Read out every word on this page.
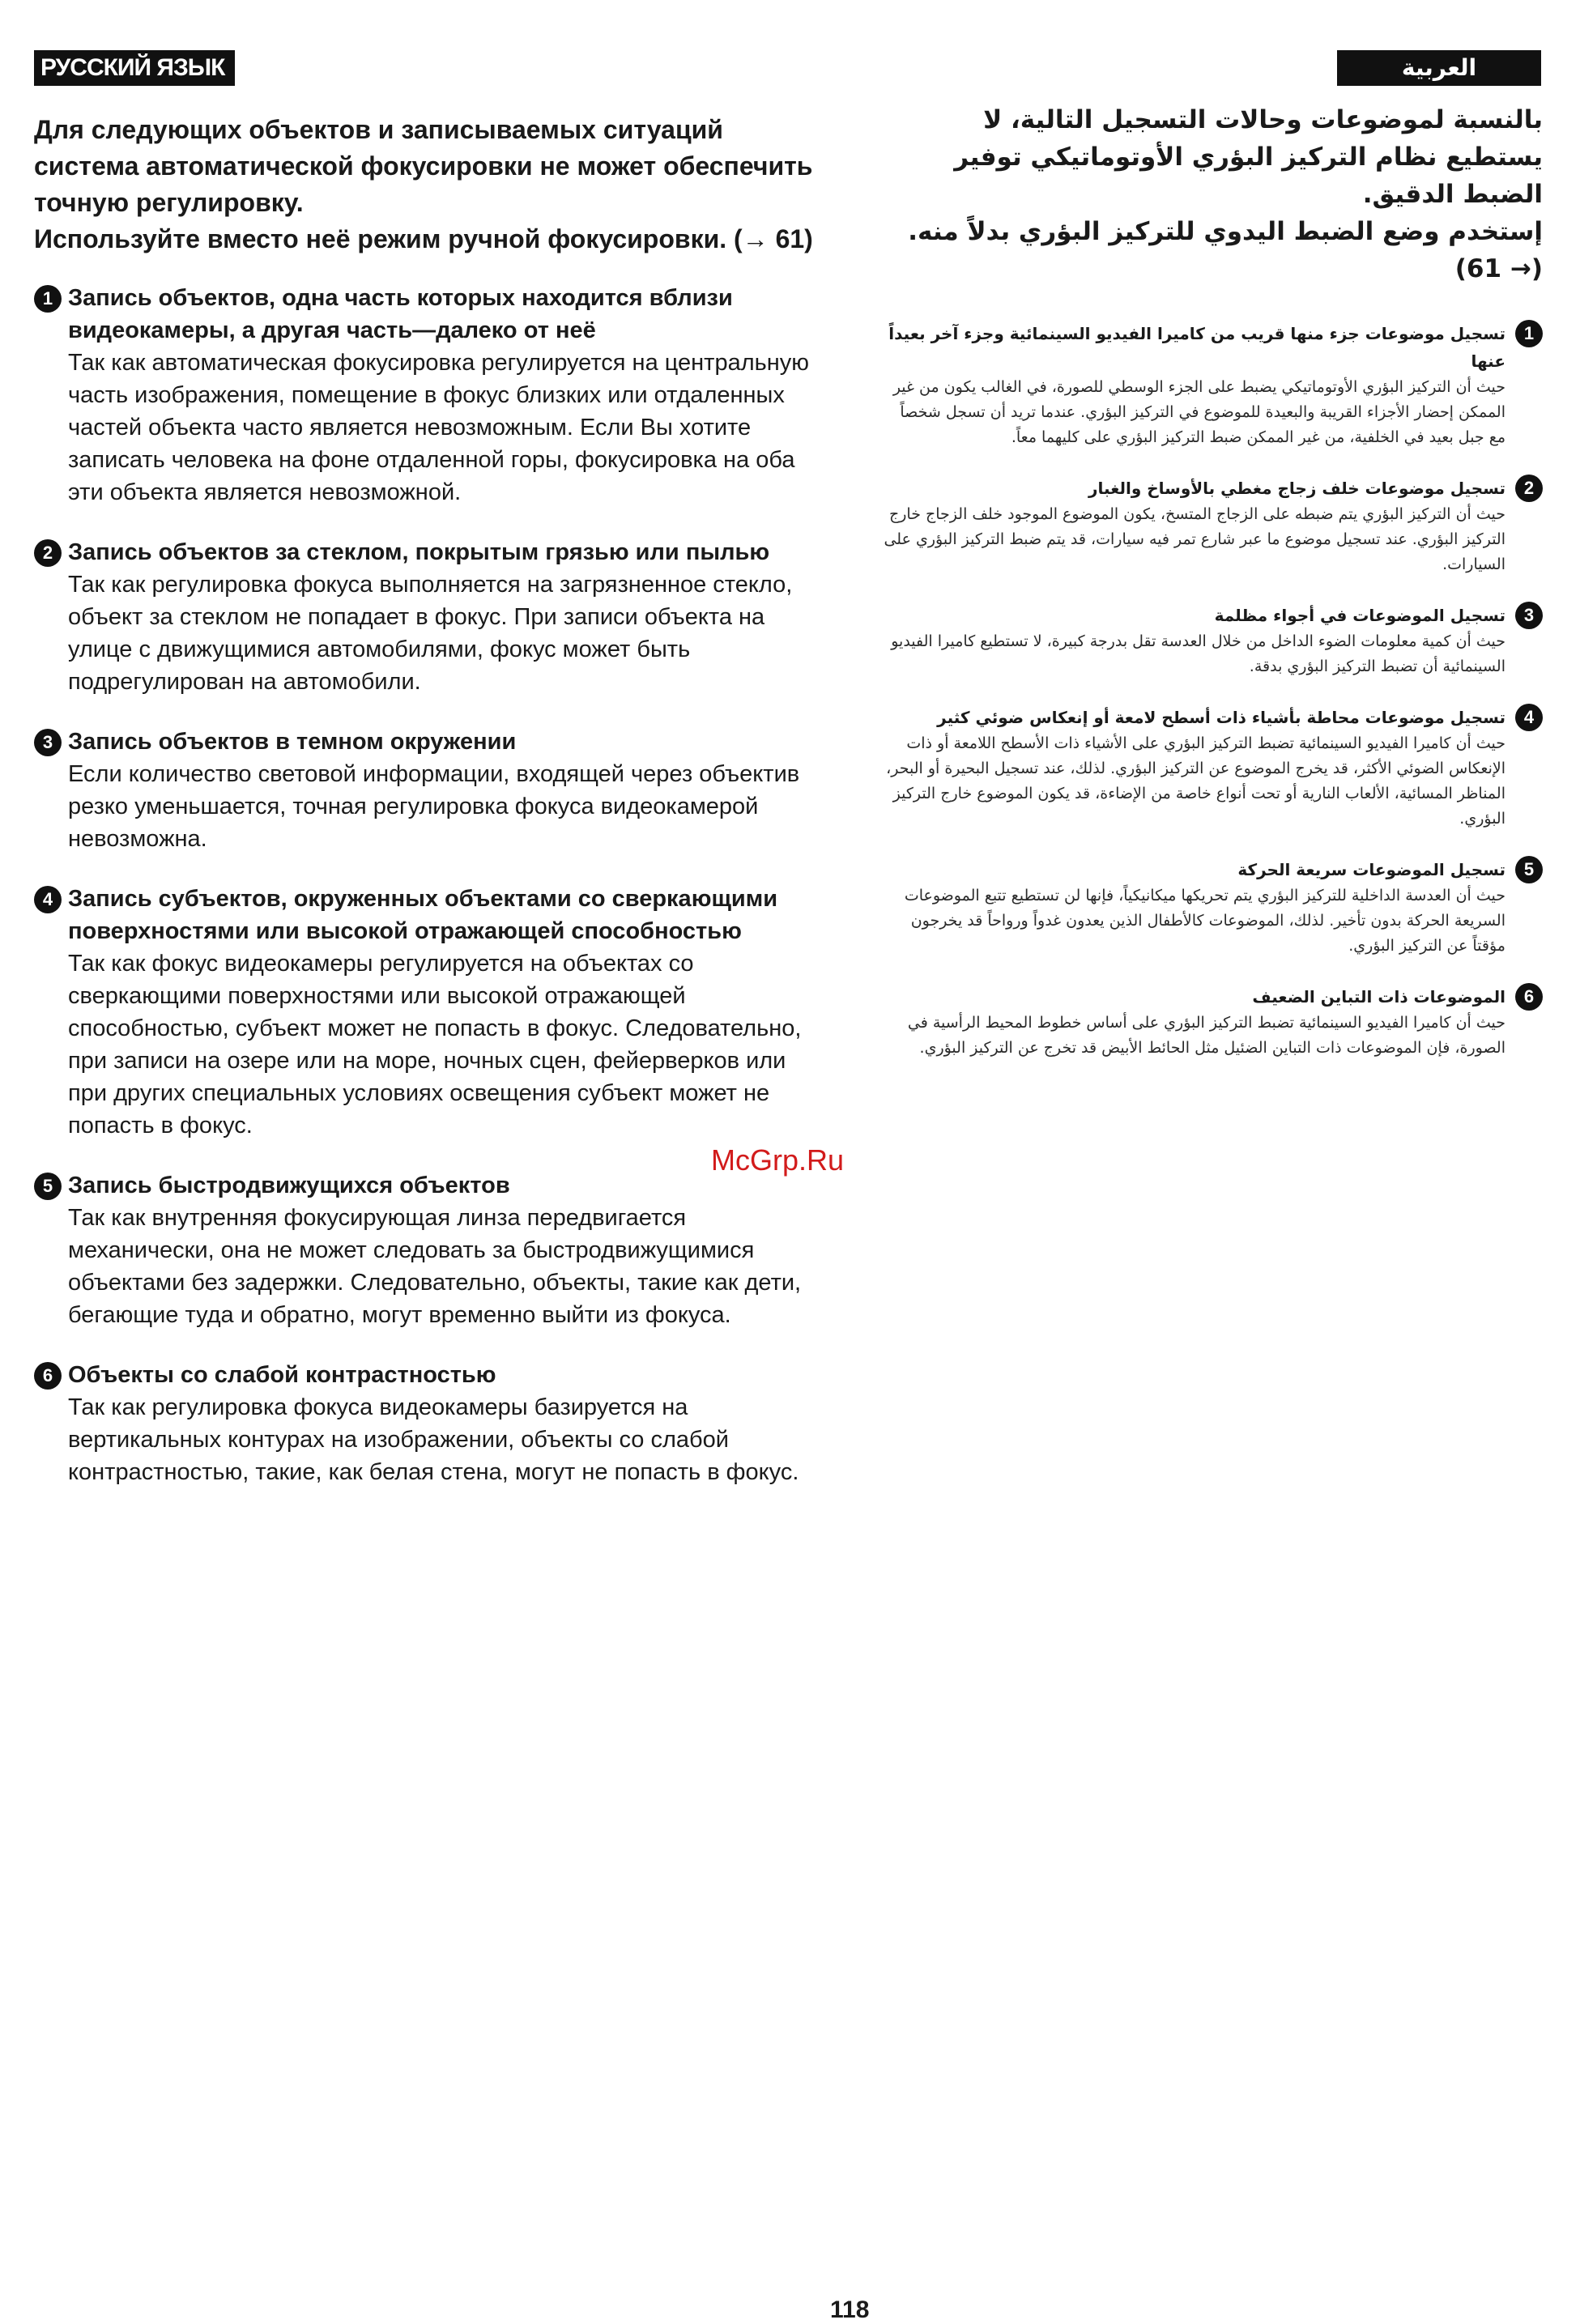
РУССКИЙ ЯЗЫК	العربية
Для следующих объектов и записываемых ситуаций система автоматической фокусировки не может обеспечить точную регулировку.
Используйте вместо неё режим ручной фокусировки. (→ 61)
1 Запись объектов, одна часть которых находится вблизи видеокамеры, а другая часть—далеко от неё
Так как автоматическая фокусировка регулируется на центральную часть изображения, помещение в фокус близких или отдаленных частей объекта часто является невозможным. Если Вы хотите записать человека на фоне отдаленной горы, фокусировка на оба эти объекта является невозможной.
2 Запись объектов за стеклом, покрытым грязью или пылью
Так как регулировка фокуса выполняется на загрязненное стекло, объект за стеклом не попадает в фокус. При записи объекта на улице с движущимися автомобилями, фокус может быть подрегулирован на автомобили.
3 Запись объектов в темном окружении
Если количество световой информации, входящей через объектив резко уменьшается, точная регулировка фокуса видеокамерой невозможна.
4 Запись субъектов, окруженных объектами со сверкающими поверхностями или высокой отражающей способностью
Так как фокус видеокамеры регулируется на объектах со сверкающими поверхностями или высокой отражающей способностью, субъект может не попасть в фокус. Следовательно, при записи на озере или на море, ночных сцен, фейерверков или при других специальных условиях освещения субъект может не попасть в фокус.
5 Запись быстродвижущихся объектов
Так как внутренняя фокусирующая линза передвигается механически, она не может следовать за быстродвижущимися объектами без задержки. Следовательно, объекты, такие как дети, бегающие туда и обратно, могут временно выйти из фокуса.
6 Объекты со слабой контрастностью
Так как регулировка фокуса видеокамеры базируется на вертикальных контурах на изображении, объекты со слабой контрастностью, такие, как белая стена, могут не попасть в фокус.
بالنسبة لموضوعات وحالات التسجيل التالية، لا يستطيع نظام التركيز البؤري الأوتوماتيكي توفير الضبط الدقيق.
إستخدم وضع الضبط اليدوي للتركيز البؤري بدلاً منه. (→ 61)
1
تسجيل موضوعات جزء منها قريب من كاميرا الفيديو السينمائية وجزء آخر بعيداً عنها
حيث أن التركيز البؤري الأوتوماتيكي يضبط على الجزء الوسطي للصورة، في الغالب يكون من غير الممكن إحضار الأجزاء القريبة والبعيدة للموضوع في التركيز البؤري. عندما تريد أن تسجل شخصاً مع جبل بعيد في الخلفية، من غير الممكن ضبط التركيز البؤري على كليهما معاً.
2
تسجيل موضوعات خلف زجاج مغطي بالأوساخ والغبار
حيث أن التركيز البؤري يتم ضبطه على الزجاج المتسخ، يكون الموضوع الموجود خلف الزجاج خارج التركيز البؤري. عند تسجيل موضوع ما عبر شارع تمر فيه سيارات، قد يتم ضبط التركيز البؤري على السيارات.
3
تسجيل الموضوعات في أجواء مظلمة
حيث أن كمية معلومات الضوء الداخل من خلال العدسة تقل بدرجة كبيرة، لا تستطيع كاميرا الفيديو السينمائية أن تضبط التركيز البؤري بدقة.
4
تسجيل موضوعات محاطة بأشياء ذات أسطح لامعة أو إنعكاس ضوئي كثير
حيث أن كاميرا الفيديو السينمائية تضبط التركيز البؤري على الأشياء ذات الأسطح اللامعة أو ذات الإنعكاس الضوئي الأكثر، قد يخرج الموضوع عن التركيز البؤري. لذلك، عند تسجيل البحيرة أو البحر، المناظر المسائية، الألعاب النارية أو تحت أنواع خاصة من الإضاءة، قد يكون الموضوع خارج التركيز البؤري.
5
تسجيل الموضوعات سريعة الحركة
حيث أن العدسة الداخلية للتركيز البؤري يتم تحريكها ميكانيكياً، فإنها لن تستطيع تتبع الموضوعات السريعة الحركة بدون تأخير. لذلك، الموضوعات كالأطفال الذين يعدون غدواً ورواحاً قد يخرجون مؤقتاً عن التركيز البؤري.
6
الموضوعات ذات التباين الضعيف
حيث أن كاميرا الفيديو السينمائية تضبط التركيز البؤري على أساس خطوط المحيط الرأسية في الصورة، فإن الموضوعات ذات التباين الضئيل مثل الحائط الأبيض قد تخرج عن التركيز البؤري.
McGrp.Ru
118
